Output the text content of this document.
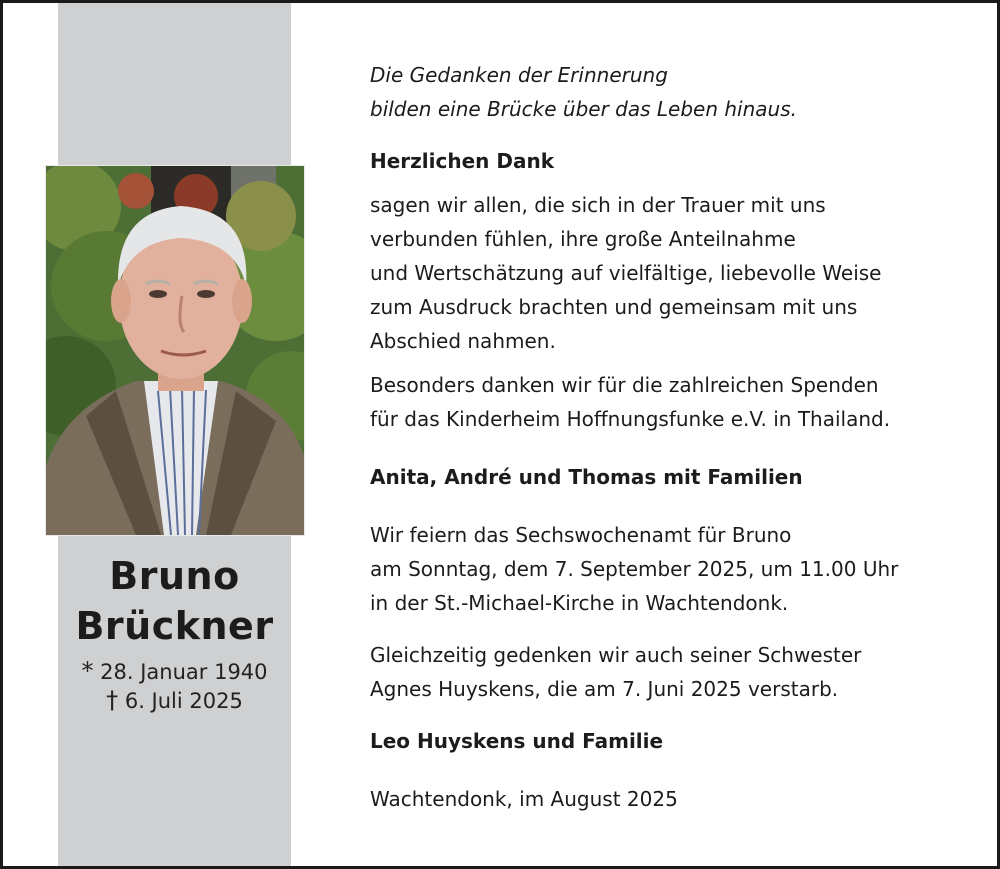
Bruno
Brückner
* 28. Januar 1940
† 6. Juli 2025
Die Gedanken der Erinnerung
bilden eine Brücke über das Leben hinaus.
Herzlichen Dank
sagen wir allen, die sich in der Trauer mit uns
verbunden fühlen, ihre große Anteilnahme
und Wertschätzung auf vielfältige, liebevolle Weise
zum Ausdruck brachten und gemeinsam mit uns
Abschied nahmen.
Besonders danken wir für die zahlreichen Spenden
für das Kinderheim Hoffnungsfunke e.V. in Thailand.
Anita, André und Thomas mit Familien
Wir feiern das Sechswochenamt für Bruno
am Sonntag, dem 7. September 2025, um 11.00 Uhr
in der St.-Michael-Kirche in Wachtendonk.
Gleichzeitig gedenken wir auch seiner Schwester
Agnes Huyskens, die am 7. Juni 2025 verstarb.
Leo Huyskens und Familie
Wachtendonk, im August 2025
